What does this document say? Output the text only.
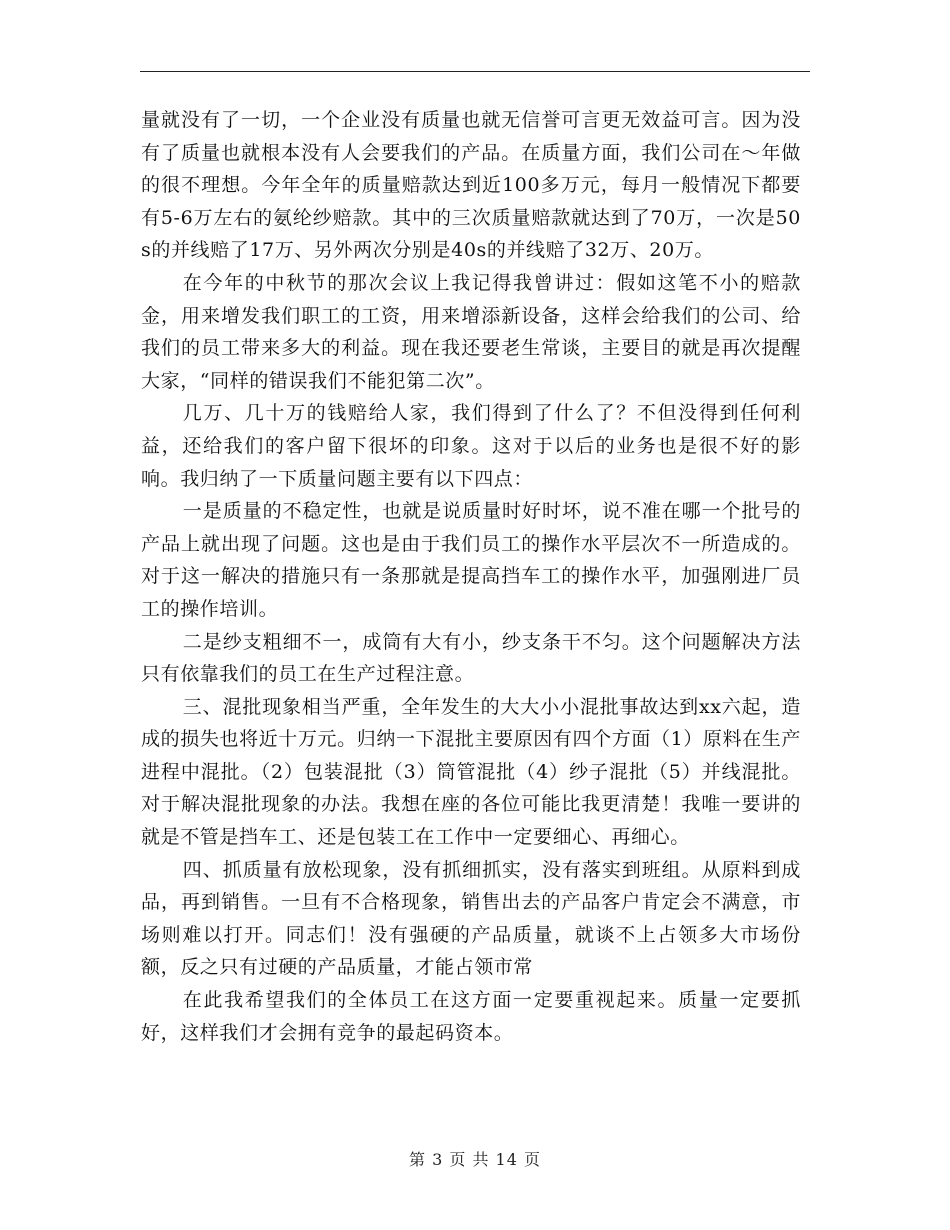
量就没有了一切，一个企业没有质量也就无信誉可言更无效益可言。因为没有了质量也就根本没有人会要我们的产品。在质量方面，我们公司在～年做的很不理想。今年全年的质量赔款达到近100多万元，每月一般情况下都要有5-6万左右的氨纶纱赔款。其中的三次质量赔款就达到了70万，一次是50s的并线赔了17万、另外两次分别是40s的并线赔了32万、20万。

在今年的中秋节的那次会议上我记得我曾讲过：假如这笔不小的赔款金，用来增发我们职工的工资，用来增添新设备，这样会给我们的公司、给我们的员工带来多大的利益。现在我还要老生常谈，主要目的就是再次提醒大家，“同样的错误我们不能犯第二次”。

几万、几十万的钱赔给人家，我们得到了什么了？不但没得到任何利益，还给我们的客户留下很坏的印象。这对于以后的业务也是很不好的影响。我归纳了一下质量问题主要有以下四点：

一是质量的不稳定性，也就是说质量时好时坏，说不准在哪一个批号的产品上就出现了问题。这也是由于我们员工的操作水平层次不一所造成的。对于这一解决的措施只有一条那就是提高挡车工的操作水平，加强刚进厂员工的操作培训。

二是纱支粗细不一，成筒有大有小，纱支条干不匀。这个问题解决方法只有依靠我们的员工在生产过程注意。

三、混批现象相当严重，全年发生的大大小小混批事故达到xx六起，造成的损失也将近十万元。归纳一下混批主要原因有四个方面（1）原料在生产进程中混批。（2）包装混批（3）筒管混批（4）纱子混批（5）并线混批。对于解决混批现象的办法。我想在座的各位可能比我更清楚！我唯一要讲的就是不管是挡车工、还是包装工在工作中一定要细心、再细心。

四、抓质量有放松现象，没有抓细抓实，没有落实到班组。从原料到成品，再到销售。一旦有不合格现象，销售出去的产品客户肯定会不满意，市场则难以打开。同志们！没有强硬的产品质量，就谈不上占领多大市场份额，反之只有过硬的产品质量，才能占领市常

在此我希望我们的全体员工在这方面一定要重视起来。质量一定要抓好，这样我们才会拥有竞争的最起码资本。

第 3 页 共 14 页
